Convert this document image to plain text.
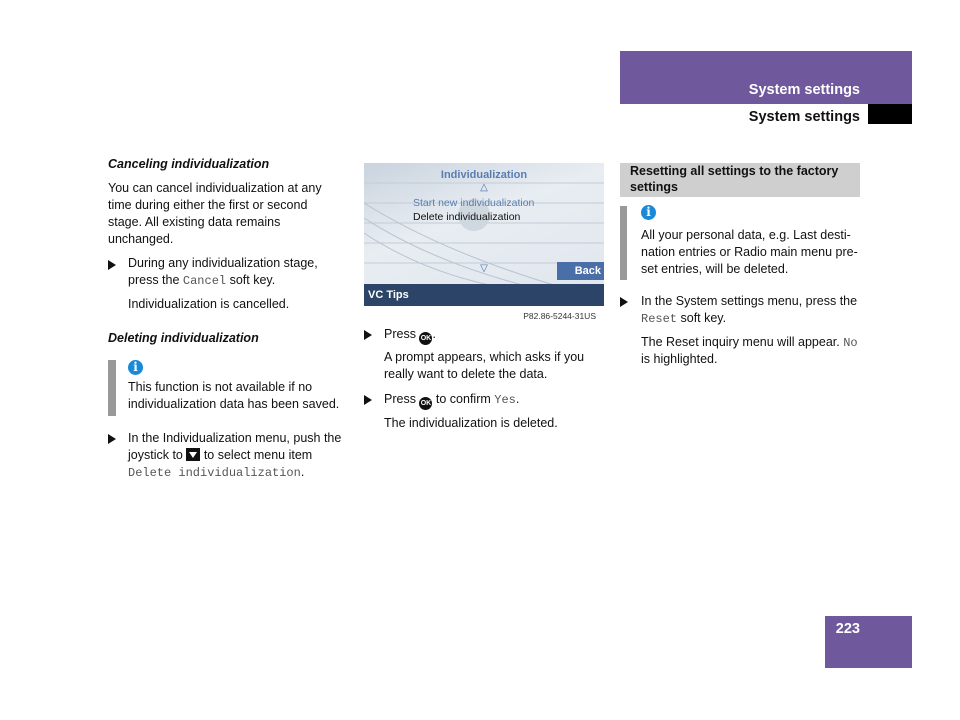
System settings
System settings
223
Canceling individualization
You can cancel individualization at any
time during either the first or second
stage. All existing data remains
unchanged.
During any individualization stage,
press the Cancel soft key.
Individualization is cancelled.
Deleting individualization
i
This function is not available if no
individualization data has been saved.
In the Individualization menu, push the
joystick to  to select menu item
Delete individualization.
Individualization
△
Start new individualization
Delete individualization
▽	Back
VC Tips
P82.86-5244-31US
Press OK.
A prompt appears, which asks if you
really want to delete the data.
Press OK to confirm Yes.
The individualization is deleted.
Resetting all settings to the factory
settings
i
All your personal data, e.g. Last desti-
nation entries or Radio main menu pre-
set entries, will be deleted.
In the System settings menu, press the
Reset soft key.
The Reset inquiry menu will appear. No
is highlighted.
